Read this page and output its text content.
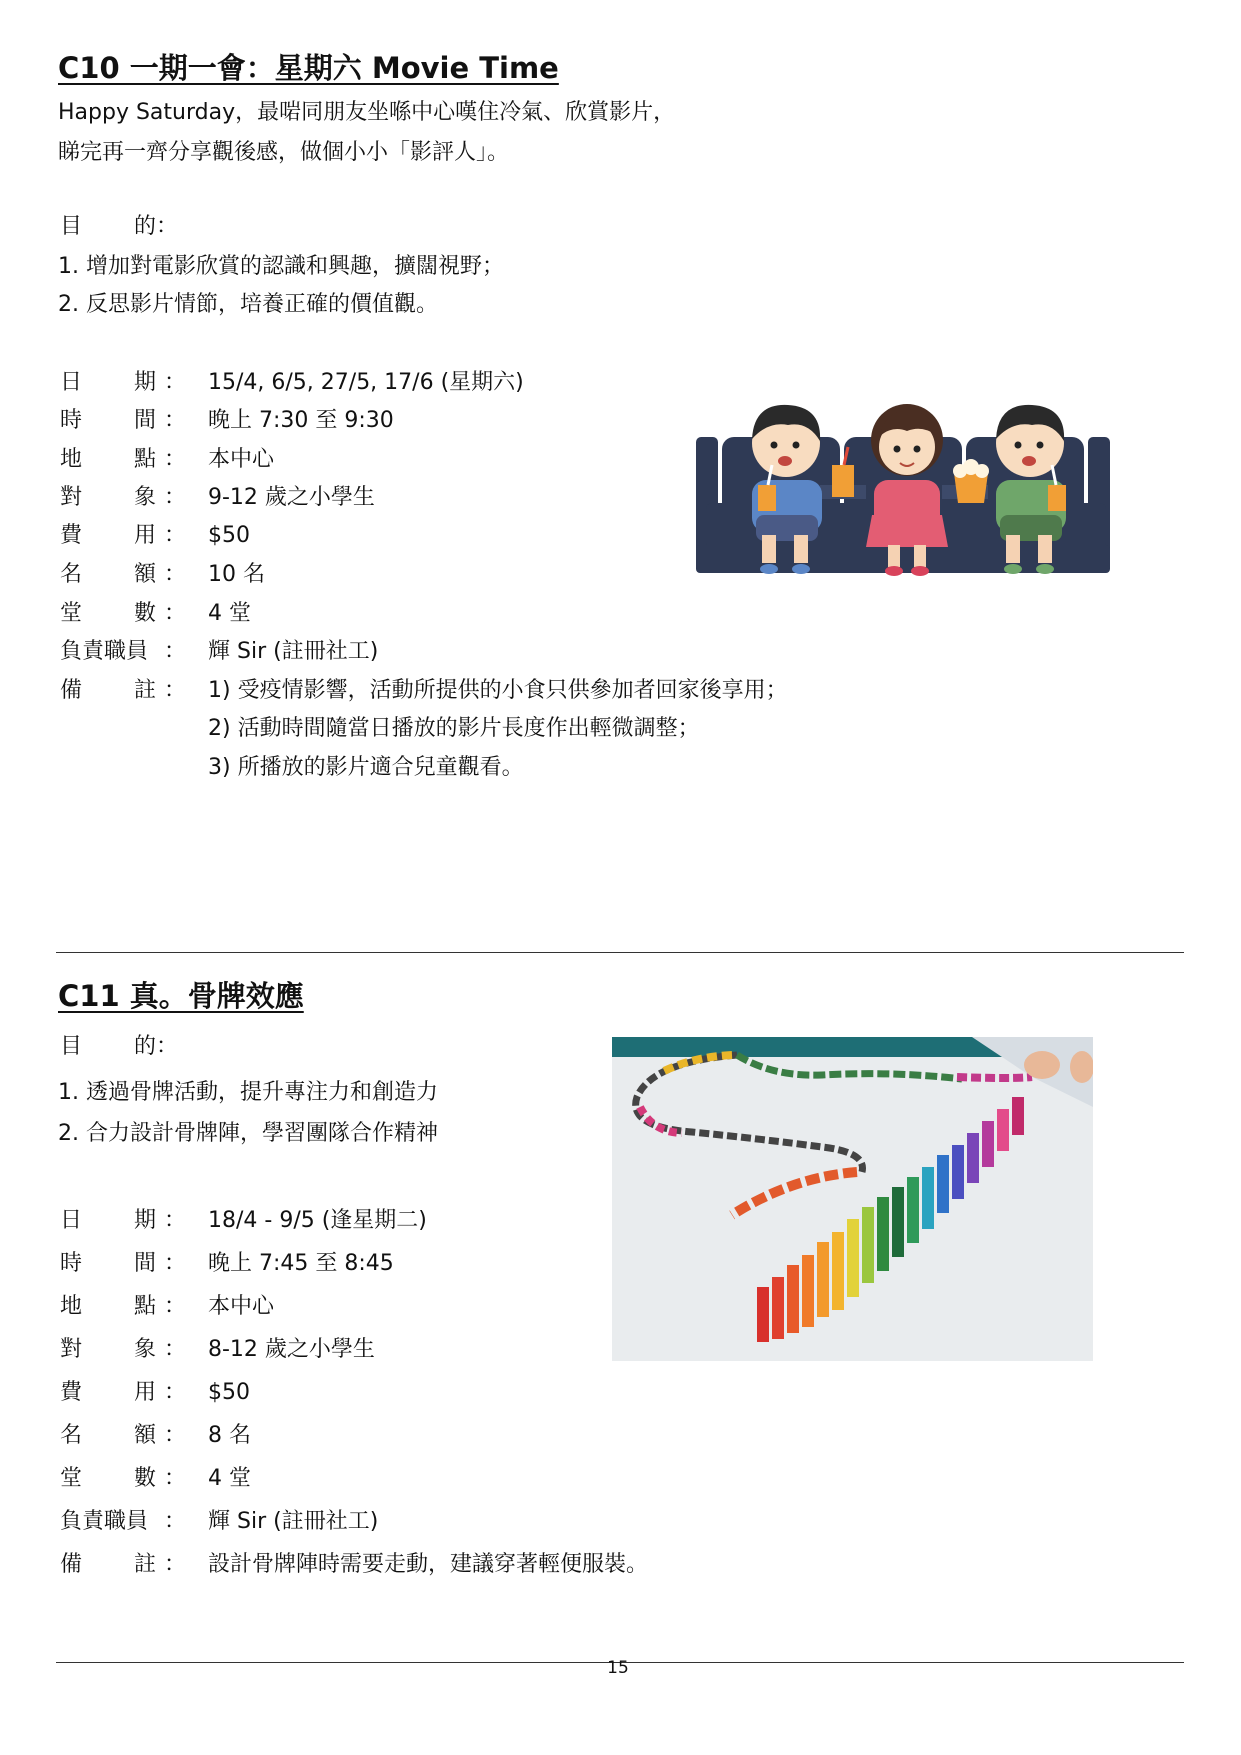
C10 一期一會：星期六 Movie Time
Happy Saturday，最啱同朋友坐喺中心嘆住冷氣、欣賞影片，
睇完再一齊分享觀後感，做個小小「影評人」。
目 的：
1. 增加對電影欣賞的認識和興趣，擴闊視野；
2. 反思影片情節，培養正確的價值觀。
日 期 ： 15/4, 6/5, 27/5, 17/6 (星期六)
時 間 ： 晚上 7:30 至 9:30
地 點 ： 本中心
對 象 ： 9-12 歲之小學生
費 用 ： $50
名 額 ： 10 名
堂 數 ： 4 堂
負責職員 ： 輝 Sir (註冊社工)
備 註 ： 1) 受疫情影響，活動所提供的小食只供參加者回家後享用；
2) 活動時間隨當日播放的影片長度作出輕微調整；
3) 所播放的影片適合兒童觀看。
C11 真。骨牌效應
目 的：
1. 透過骨牌活動，提升專注力和創造力
2. 合力設計骨牌陣，學習團隊合作精神
日 期 ： 18/4 - 9/5 (逢星期二)
時 間 ： 晚上 7:45 至 8:45
地 點 ： 本中心
對 象 ： 8-12 歲之小學生
費 用 ： $50
名 額 ： 8 名
堂 數 ： 4 堂
負責職員 ： 輝 Sir (註冊社工)
備 註 ： 設計骨牌陣時需要走動，建議穿著輕便服裝。
15
